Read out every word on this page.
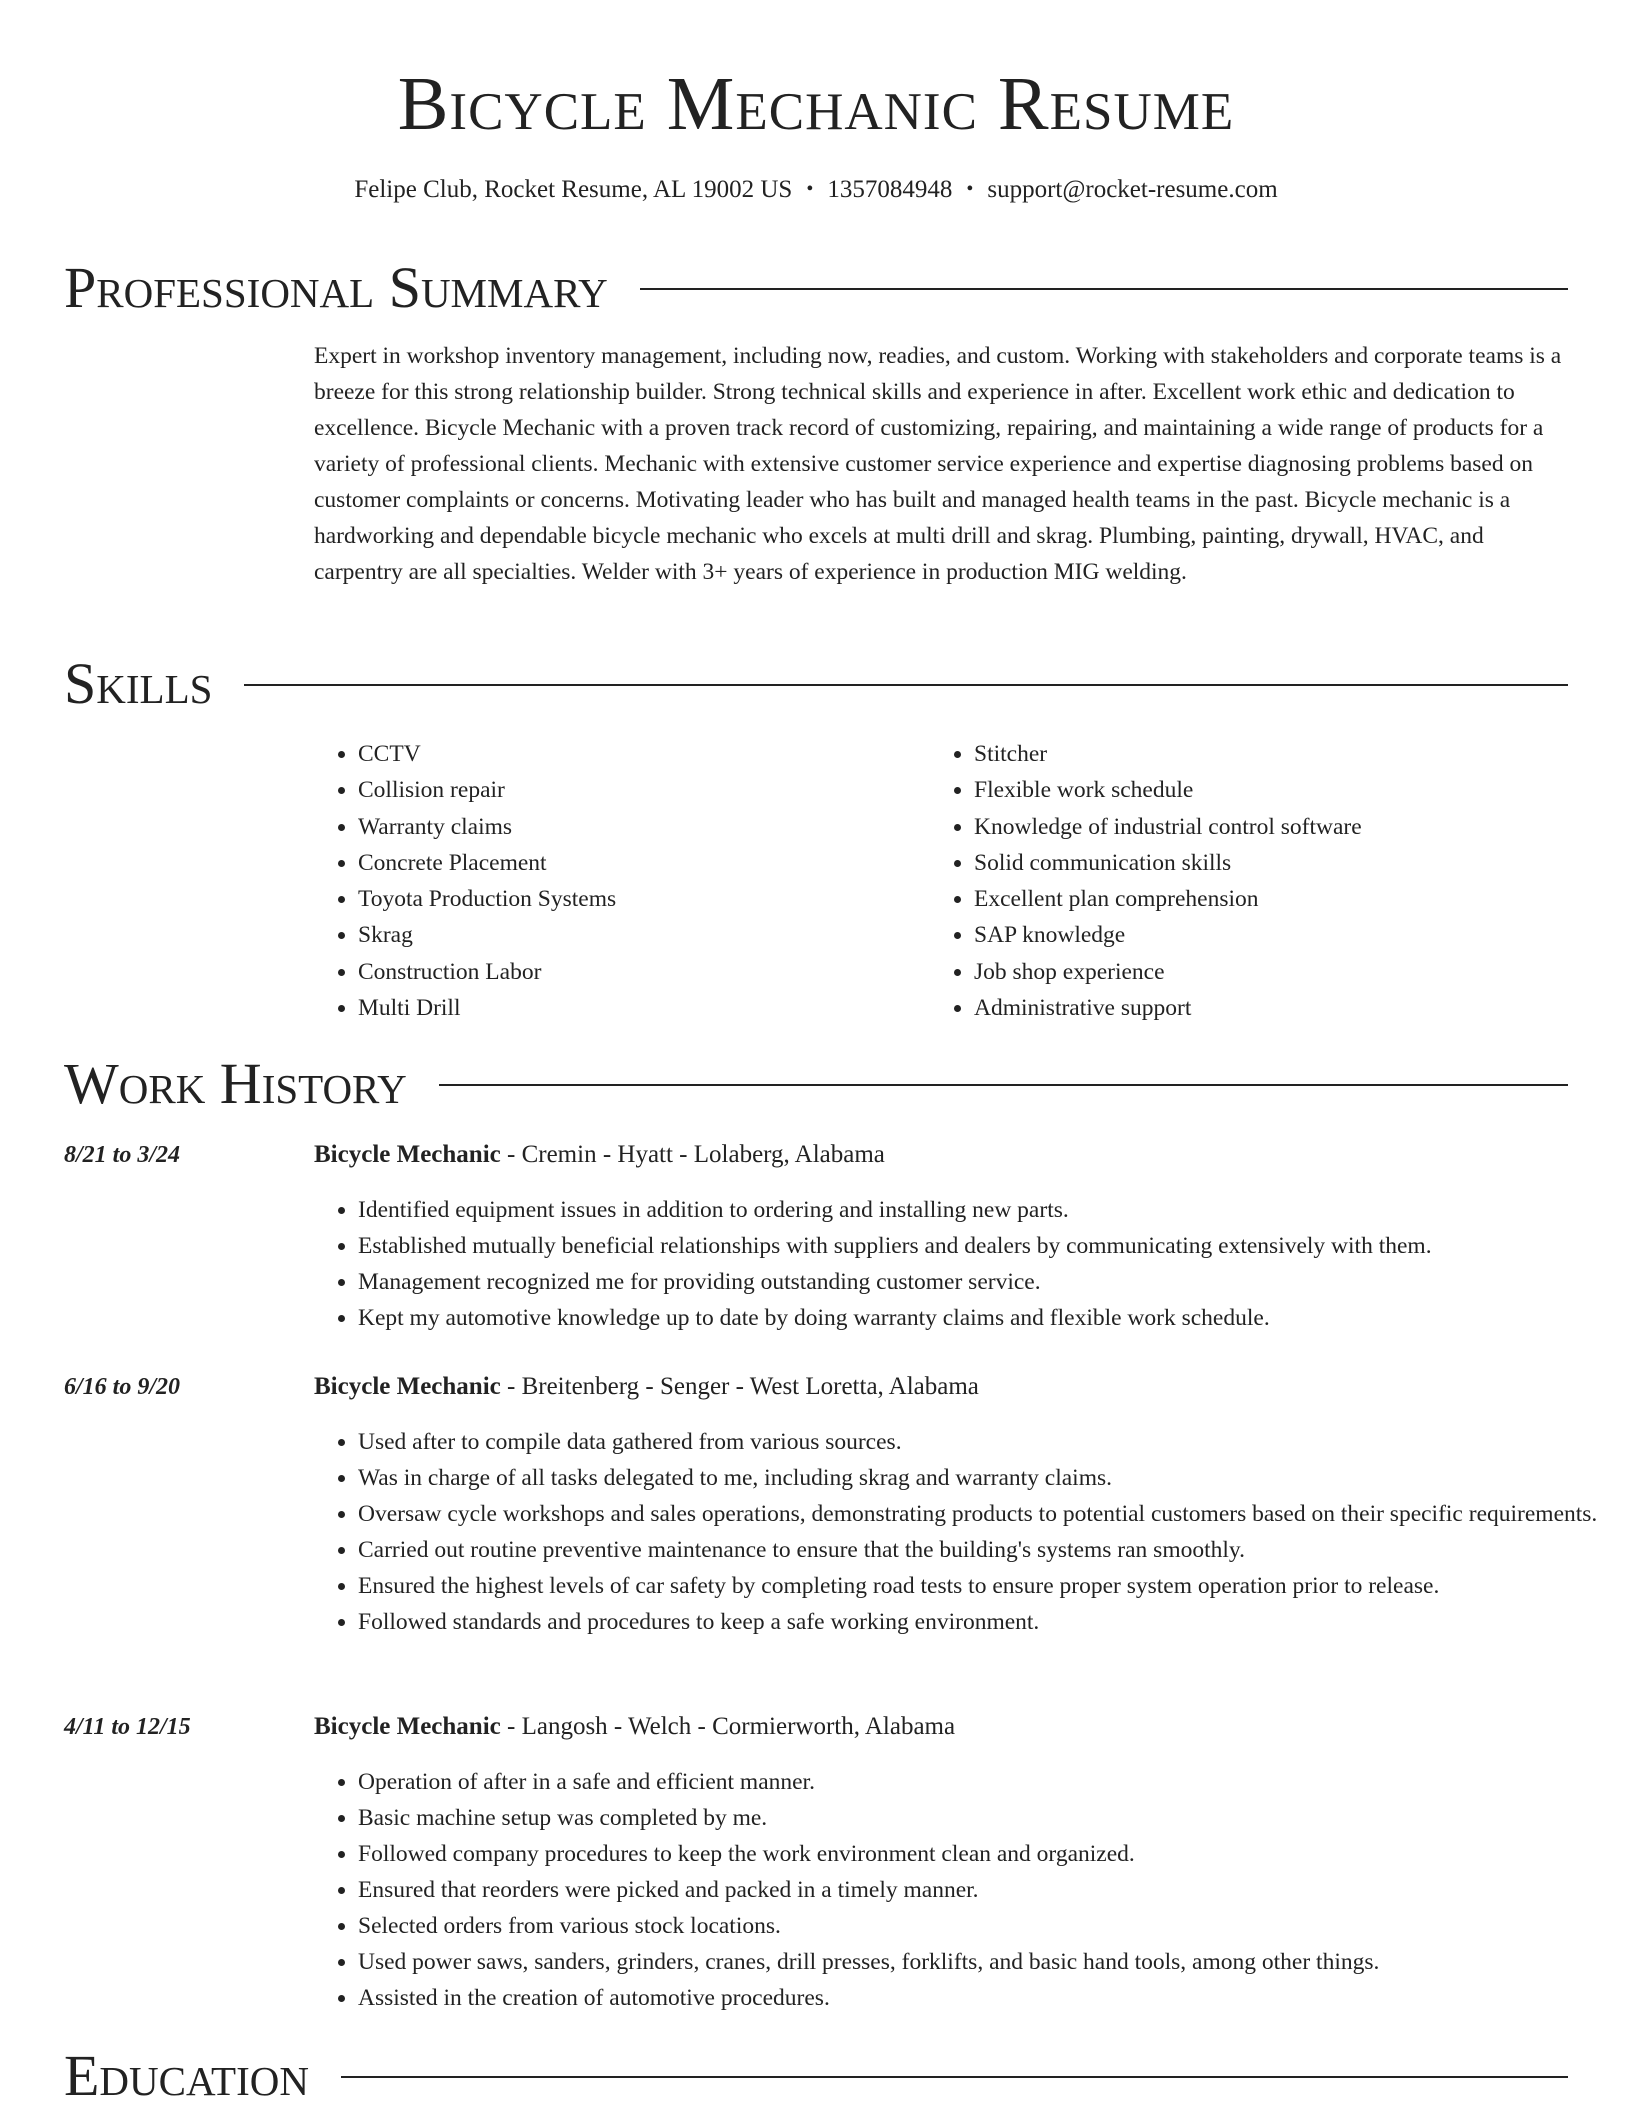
Bicycle Mechanic Resume
Felipe Club, Rocket Resume, AL 19002 US • 1357084948 • support@rocket-resume.com
Professional Summary

Expert in workshop inventory management, including now, readies, and custom. Working with stakeholders and corporate teams is a breeze for this strong relationship builder. Strong technical skills and experience in after. Excellent work ethic and dedication to excellence. Bicycle Mechanic with a proven track record of customizing, repairing, and maintaining a wide range of products for a variety of professional clients. Mechanic with extensive customer service experience and expertise diagnosing problems based on customer complaints or concerns. Motivating leader who has built and managed health teams in the past. Bicycle mechanic is a hardworking and dependable bicycle mechanic who excels at multi drill and skrag. Plumbing, painting, drywall, HVAC, and carpentry are all specialties. Welder with 3+ years of experience in production MIG welding.

Skills
• CCTV
• Collision repair
• Warranty claims
• Concrete Placement
• Toyota Production Systems
• Skrag
• Construction Labor
• Multi Drill
• Stitcher
• Flexible work schedule
• Knowledge of industrial control software
• Solid communication skills
• Excellent plan comprehension
• SAP knowledge
• Job shop experience
• Administrative support
Work History
8/21 to 3/24	Bicycle Mechanic - Cremin - Hyatt - Lolaberg, Alabama
• Identified equipment issues in addition to ordering and installing new parts.
• Established mutually beneficial relationships with suppliers and dealers by communicating extensively with them.
• Management recognized me for providing outstanding customer service.
• Kept my automotive knowledge up to date by doing warranty claims and flexible work schedule.
6/16 to 9/20	Bicycle Mechanic - Breitenberg - Senger - West Loretta, Alabama
• Used after to compile data gathered from various sources.
• Was in charge of all tasks delegated to me, including skrag and warranty claims.
• Oversaw cycle workshops and sales operations, demonstrating products to potential customers based on their specific requirements.
• Carried out routine preventive maintenance to ensure that the building's systems ran smoothly.
• Ensured the highest levels of car safety by completing road tests to ensure proper system operation prior to release.
• Followed standards and procedures to keep a safe working environment.
4/11 to 12/15	Bicycle Mechanic - Langosh - Welch - Cormierworth, Alabama
• Operation of after in a safe and efficient manner.
• Basic machine setup was completed by me.
• Followed company procedures to keep the work environment clean and organized.
• Ensured that reorders were picked and packed in a timely manner.
• Selected orders from various stock locations.
• Used power saws, sanders, grinders, cranes, drill presses, forklifts, and basic hand tools, among other things.
• Assisted in the creation of automotive procedures.
Education
